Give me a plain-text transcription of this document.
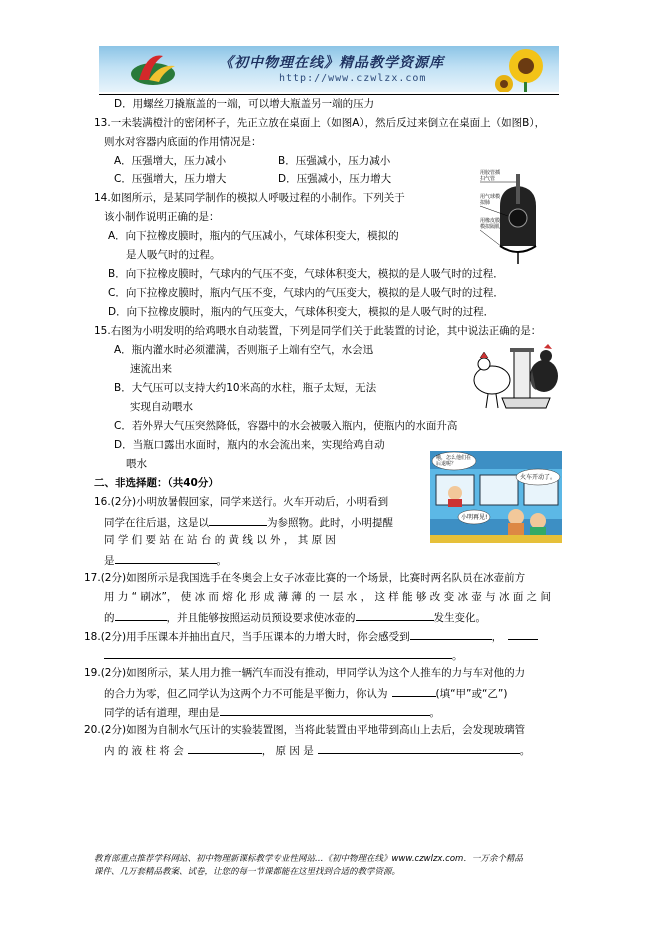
《初中物理在线》精品教学资源库
http://www.czwlzx.com
D．用螺丝刀撬瓶盖的一端，可以增大瓶盖另一端的压力
13.一未装满橙汁的密闭杯子，先正立放在桌面上（如图A），然后反过来倒立在桌面上（如图B），
则水对容器内底面的作用情况是：
A．压强增大，压力减小	B．压强减小，压力减小
C．压强增大，压力增大	D．压强减小，压力增大
14.如图所示，是某同学制作的模拟人呼吸过程的小制作。下列关于
该小制作说明正确的是：
A．向下拉橡皮膜时，瓶内的气压减小，气球体积变大，模拟的
是人吸气时的过程。
B．向下拉橡皮膜时，气球内的气压不变，气球体积变大，模拟的是人吸气时的过程．
C．向下拉橡皮膜时，瓶内气压不变，气球内的气压变大，模拟的是人吸气时的过程．
D．向下拉橡皮膜时，瓶内的气压变大，气球体积变大，模拟的是人吸气时的过程．
用胶管插
扫气管
用气球模
拟肺
用橡皮膜
模拟隔肌
15.右图为小明发明的给鸡喂水自动装置，下列是同学们关于此装置的讨论，其中说法正确的是：
A．瓶内灌水时必须灌满，否则瓶子上端有空气，水会迅
速流出来
B．大气压可以支持大约10米高的水柱，瓶子太短，无法
实现自动喂水
C．若外界大气压突然降低，容器中的水会被吸入瓶内，使瓶内的水面升高
D．当瓶口露出水面时，瓶内的水会流出来，实现给鸡自动
喂水
二、非选择题：（共40分）
16.(2分)小明放暑假回家，同学来送行。火车开动后，小明看到
同学在往后退，这是以	为参照物。此时，小明提醒
同 学 们 要 站 在 站 台 的 黄 线 以 外 ， 其 原 因
是	。
哦，怎么他们在后退呢？
火车开动了。
小明再见!
17.(2分)如图所示是我国选手在冬奥会上女子冰壶比赛的一个场景，比赛时两名队员在冰壶前方
用 力 “ 刷冰”， 使 冰 而 熔 化 形 成 薄 薄 的 一 层 水 ， 这 样 能 够 改 变 冰 壶 与 冰 面 之 间
的	，并且能够按照运动员预设要求使冰壶的	发生变化。
18.(2分)用手压课本并抽出直尺，当手压课本的力增大时，你会感受到	，
。
19.(2分)如图所示，某人用力推一辆汽车而没有推动，甲同学认为这个人推车的力与车对他的力
的合力为零，但乙同学认为这两个力不可能是平衡力，你认为	(填“甲”或“乙”)
同学的话有道理，理由是	。
20.(2分)如图为自制水气压计的实验装置图，当将此装置由平地带到高山上去后，会发现玻璃管
内 的 液 柱 将 会	， 原 因 是	。
教育部重点推荐学科网站、初中物理新课标教学专业性网站…《初中物理在线》www.czwlzx.com．一万余个精品
课件、几万套精品教案、试卷，让您的每一节课都能在这里找到合适的教学资源。
